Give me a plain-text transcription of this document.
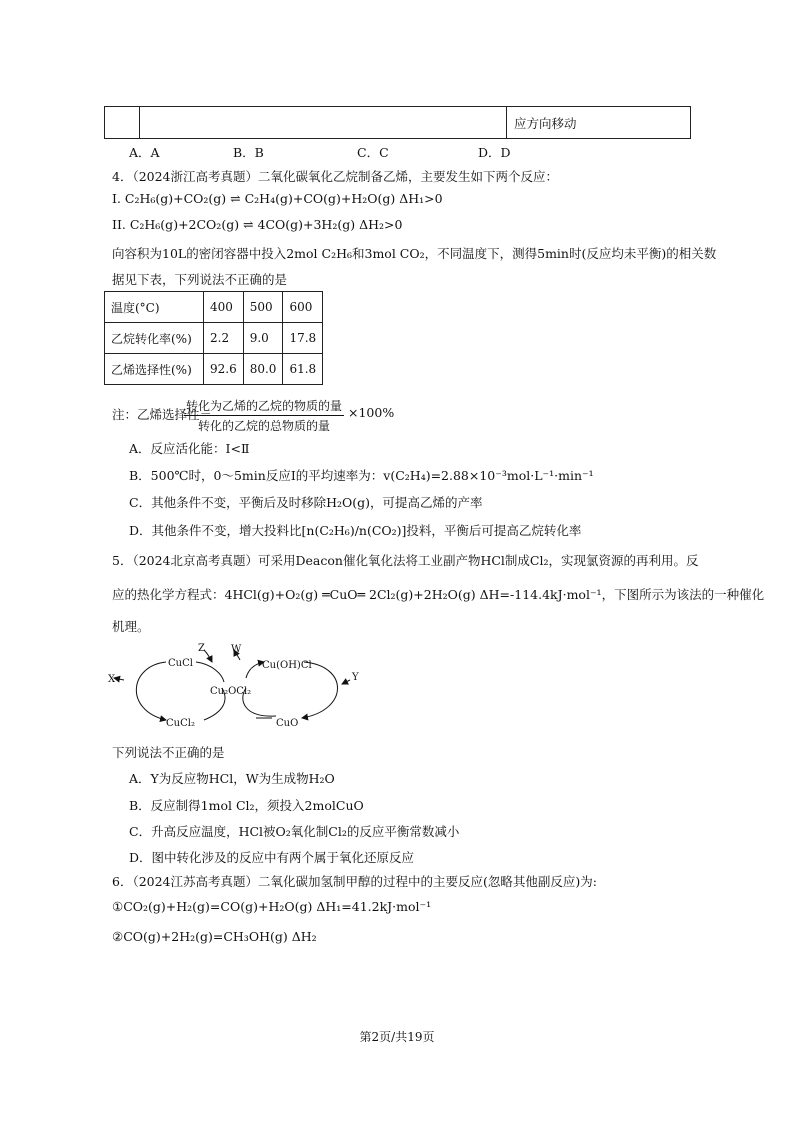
应方向移动
A．A	B．B	C．C	D．D
4．（2024浙江高考真题）二氧化碳氧化乙烷制备乙烯，主要发生如下两个反应：
I. C₂H₆(g)+CO₂(g) ⇌ C₂H₄(g)+CO(g)+H₂O(g) ΔH₁>0
II. C₂H₆(g)+2CO₂(g) ⇌ 4CO(g)+3H₂(g) ΔH₂>0
向容积为10L的密闭容器中投入2mol C₂H₆和3mol CO₂，不同温度下，测得5min时(反应均未平衡)的相关数
据见下表，下列说法不正确的是
温度(°C)	400	500	600
乙烷转化率(%)	2.2	9.0	17.8
乙烯选择性(%)	92.6	80.0	61.8
注：乙烯选择性＝
转化为乙烯的乙烷的物质的量
转化的乙烷的总物质的量
×100%
A．反应活化能：Ⅰ<Ⅱ
B．500℃时，0～5min反应Ⅰ的平均速率为：v(C₂H₄)=2.88×10⁻³mol·L⁻¹·min⁻¹
C．其他条件不变，平衡后及时移除H₂O(g)，可提高乙烯的产率
D．其他条件不变，增大投料比[n(C₂H₆)/n(CO₂)]投料，平衡后可提高乙烷转化率
5．（2024北京高考真题）可采用Deacon催化氧化法将工业副产物HCl制成Cl₂，实现氯资源的再利用。反
应的热化学方程式：4HCl(g)+O₂(g) ═CuO═ 2Cl₂(g)+2H₂O(g) ΔH=-114.4kJ·mol⁻¹，下图所示为该法的一种催化
机理。
Z	W
CuCl	Cu(OH)Cl
X	Y
Cu₂OCl₂
CuCl₂	CuO
下列说法不正确的是
A．Y为反应物HCl，W为生成物H₂O
B．反应制得1mol Cl₂，须投入2molCuO
C．升高反应温度，HCl被O₂氧化制Cl₂的反应平衡常数减小
D．图中转化涉及的反应中有两个属于氧化还原反应
6．（2024江苏高考真题）二氧化碳加氢制甲醇的过程中的主要反应(忽略其他副反应)为:
①CO₂(g)+H₂(g)=CO(g)+H₂O(g) ΔH₁=41.2kJ·mol⁻¹
②CO(g)+2H₂(g)=CH₃OH(g) ΔH₂
第2页/共19页
